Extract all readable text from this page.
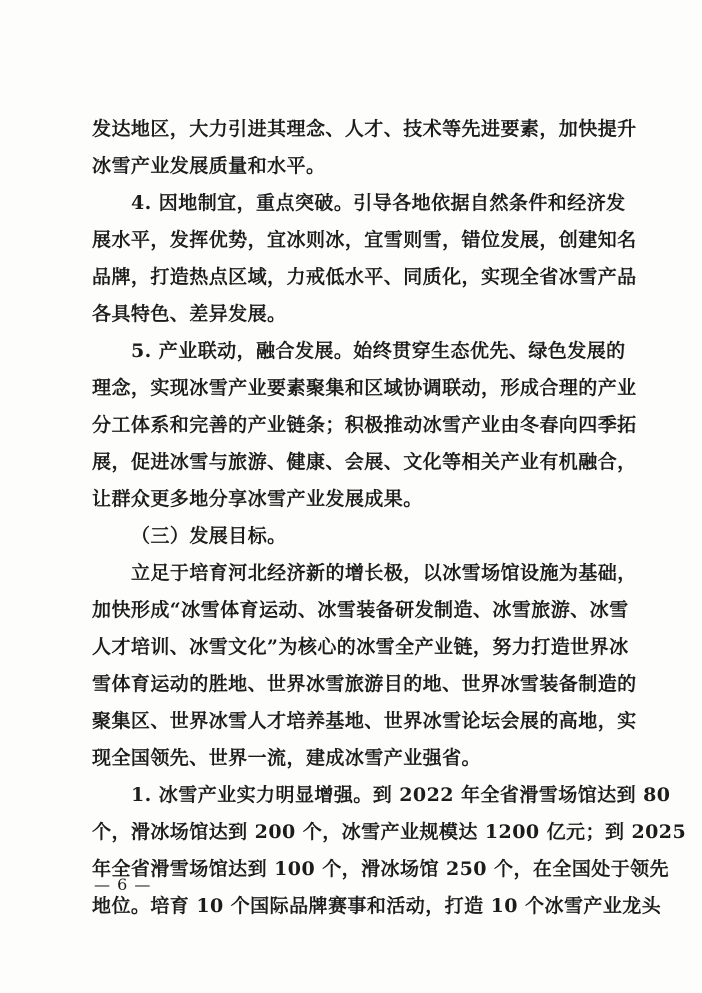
发达地区，大力引进其理念、人才、技术等先进要素，加快提升
冰雪产业发展质量和水平。
4. 因地制宜，重点突破。引导各地依据自然条件和经济发
展水平，发挥优势，宜冰则冰，宜雪则雪，错位发展，创建知名
品牌，打造热点区域，力戒低水平、同质化，实现全省冰雪产品
各具特色、差异发展。
5. 产业联动，融合发展。始终贯穿生态优先、绿色发展的
理念，实现冰雪产业要素聚集和区域协调联动，形成合理的产业
分工体系和完善的产业链条；积极推动冰雪产业由冬春向四季拓
展，促进冰雪与旅游、健康、会展、文化等相关产业有机融合，
让群众更多地分享冰雪产业发展成果。
（三）发展目标。
立足于培育河北经济新的增长极，以冰雪场馆设施为基础，
加快形成“冰雪体育运动、冰雪装备研发制造、冰雪旅游、冰雪
人才培训、冰雪文化”为核心的冰雪全产业链，努力打造世界冰
雪体育运动的胜地、世界冰雪旅游目的地、世界冰雪装备制造的
聚集区、世界冰雪人才培养基地、世界冰雪论坛会展的高地，实
现全国领先、世界一流，建成冰雪产业强省。
1. 冰雪产业实力明显增强。到 2022 年全省滑雪场馆达到 80
个，滑冰场馆达到 200 个，冰雪产业规模达 1200 亿元；到 2025
年全省滑雪场馆达到 100 个，滑冰场馆 250 个，在全国处于领先
地位。培育 10 个国际品牌赛事和活动，打造 10 个冰雪产业龙头
— 6 —
